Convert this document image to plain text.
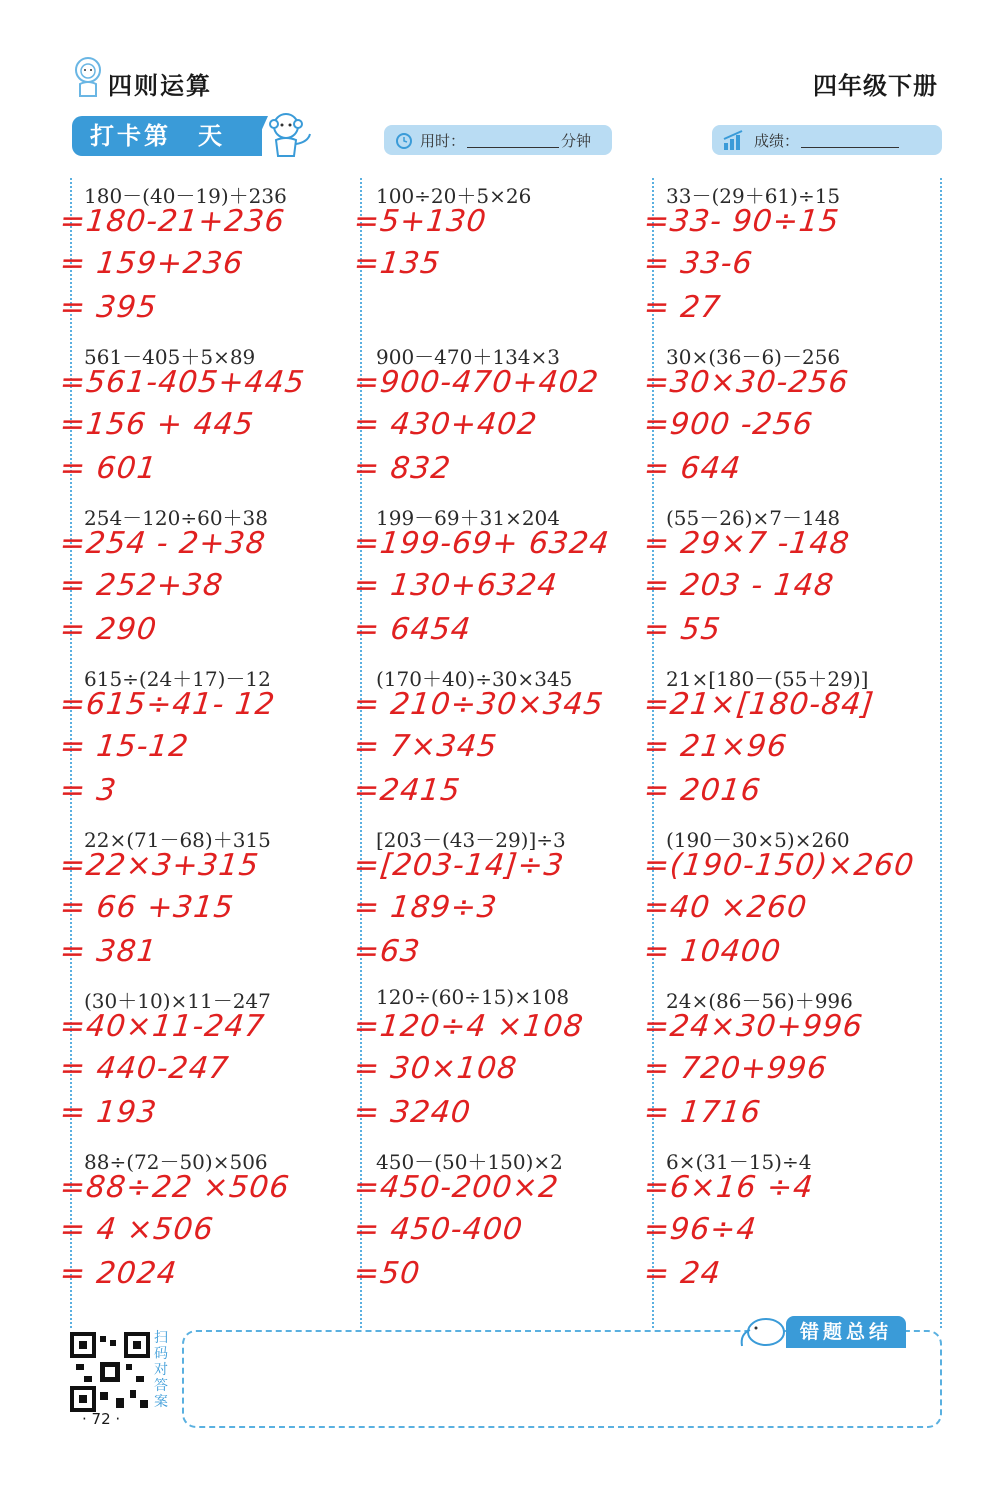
四则运算	四年级下册
打卡第　天	用时：	分钟	成绩：
180－(40－19)＋236
=180-21+236
= 159+236
= 395
100÷20＋5×26
=5+130
=135
33－(29＋61)÷15
=33- 90÷15
= 33-6
= 27
561－405＋5×89
=561-405+445
=156 + 445
= 601
900－470＋134×3
=900-470+402
= 430+402
= 832
30×(36－6)－256
=30×30-256
=900 -256
= 644
254－120÷60＋38
=254 - 2+38
= 252+38
= 290
199－69＋31×204
=199-69+ 6324
= 130+6324
= 6454
(55－26)×7－148
= 29×7 -148
= 203 - 148
= 55
615÷(24＋17)－12
=615÷41- 12
= 15-12
= 3
(170＋40)÷30×345
= 210÷30×345
= 7×345
=2415
21×[180－(55＋29)]
=21×[180-84]
= 21×96
= 2016
22×(71－68)＋315
=22×3+315
= 66 +315
= 381
[203－(43－29)]÷3
=[203-14]÷3
= 189÷3
=63
(190－30×5)×260
=(190-150)×260
=40 ×260
= 10400
(30＋10)×11－247
=40×11-247
= 440-247
= 193
120÷(60÷15)×108
=120÷4 ×108
= 30×108
= 3240
24×(86－56)＋996
=24×30+996
= 720+996
= 1716
88÷(72－50)×506
=88÷22 ×506
= 4 ×506
= 2024
450－(50＋150)×2
=450-200×2
= 450-400
=50
6×(31－15)÷4
=6×16 ÷4
=96÷4
= 24
扫码对答案
· 72 ·
错题总结
